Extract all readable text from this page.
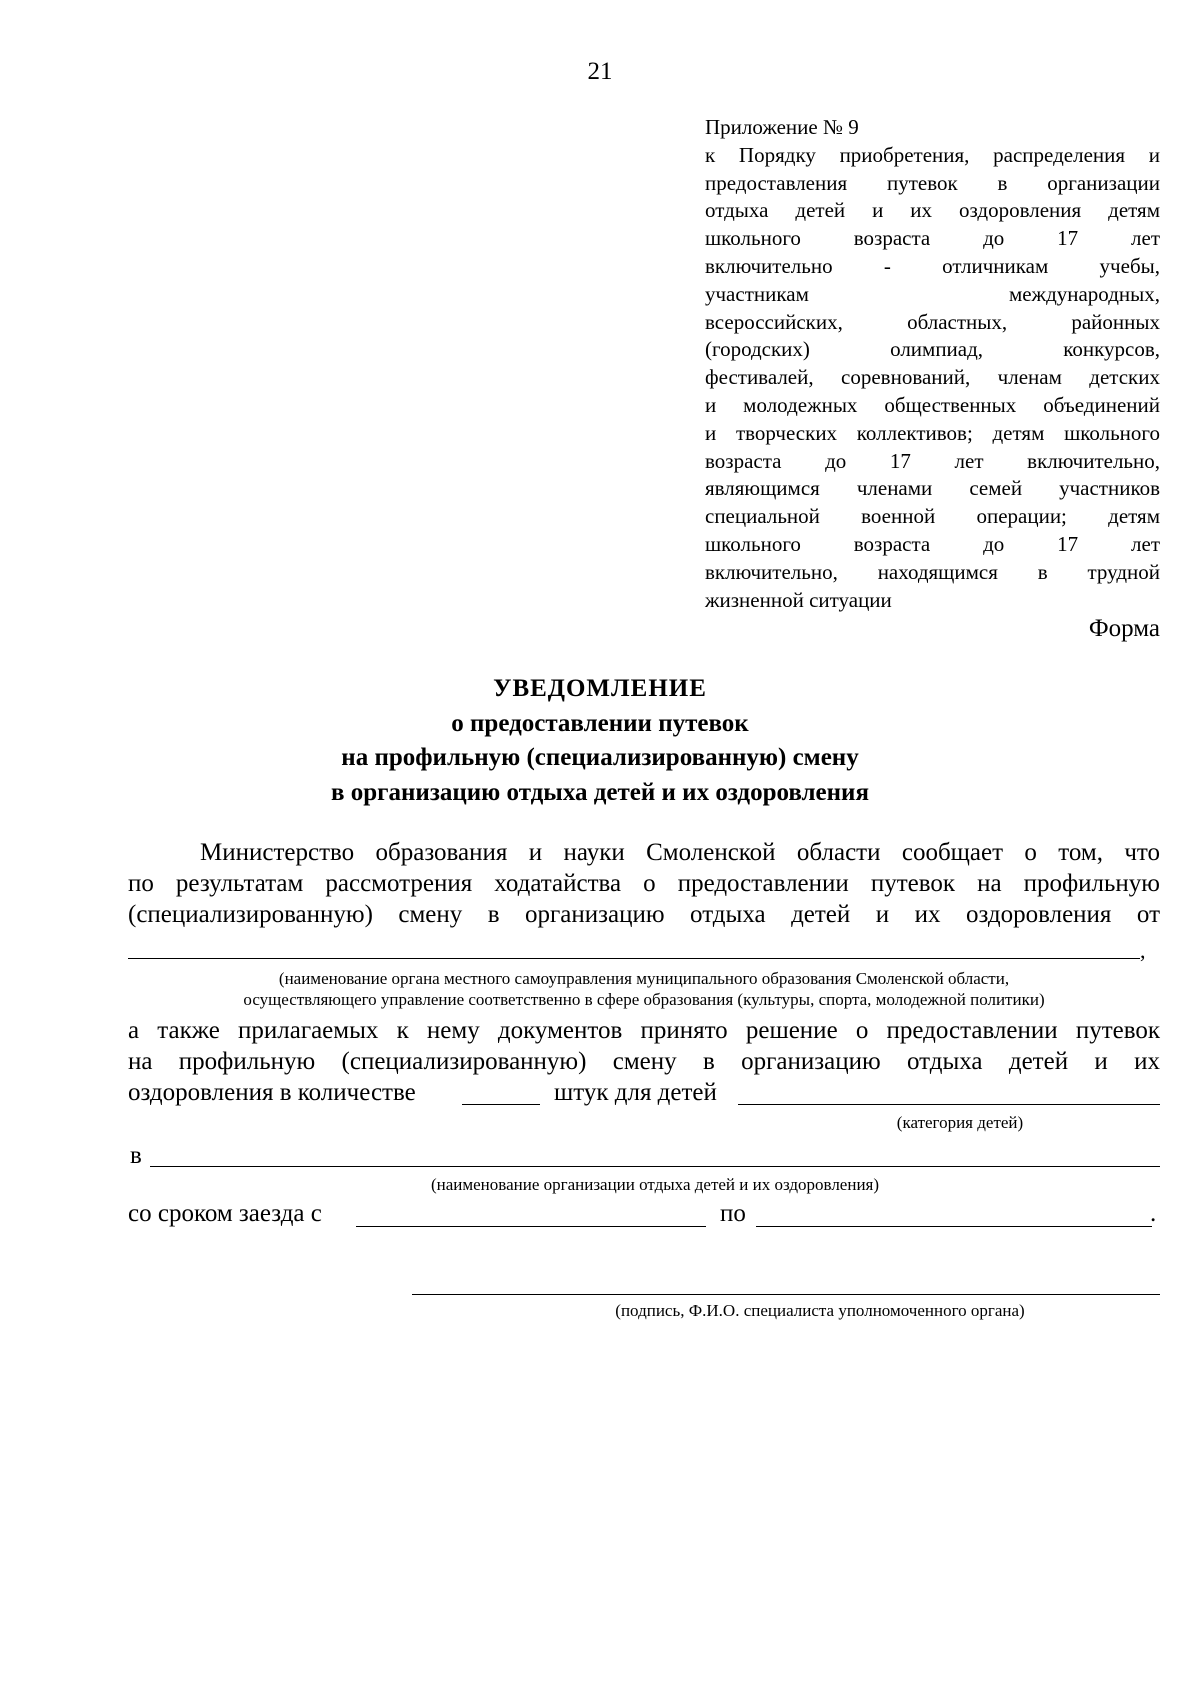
21
Приложение № 9
к Порядку приобретения, распределения и
предоставления путевок в организации
отдыха детей и их оздоровления детям
школьного возраста до 17 лет
включительно - отличникам учебы,
участникам международных,
всероссийских, областных, районных
(городских) олимпиад, конкурсов,
фестивалей, соревнований, членам детских
и молодежных общественных объединений
и творческих коллективов; детям школьного
возраста до 17 лет включительно,
являющимся членами семей участников
специальной военной операции; детям
школьного возраста до 17 лет
включительно, находящимся в трудной
жизненной ситуации
Форма
УВЕДОМЛЕНИЕ
о предоставлении путевок
на профильную (специализированную) смену
в организацию отдыха детей и их оздоровления
Министерство образования и науки Смоленской области сообщает о том, что
по результатам рассмотрения ходатайства о предоставлении путевок на профильную
(специализированную) смену в организацию отдыха детей и их оздоровления от
,
(наименование органа местного самоуправления муниципального образования Смоленской области,
осуществляющего управление соответственно в сфере образования (культуры, спорта, молодежной политики)
а также прилагаемых к нему документов принято решение о предоставлении путевок
на профильную (специализированную) смену в организацию отдыха детей и их
оздоровления в количестве	штук для детей
(категория детей)
в
(наименование организации отдыха детей и их оздоровления)
со сроком заезда с	по	.
(подпись, Ф.И.О. специалиста уполномоченного органа)
